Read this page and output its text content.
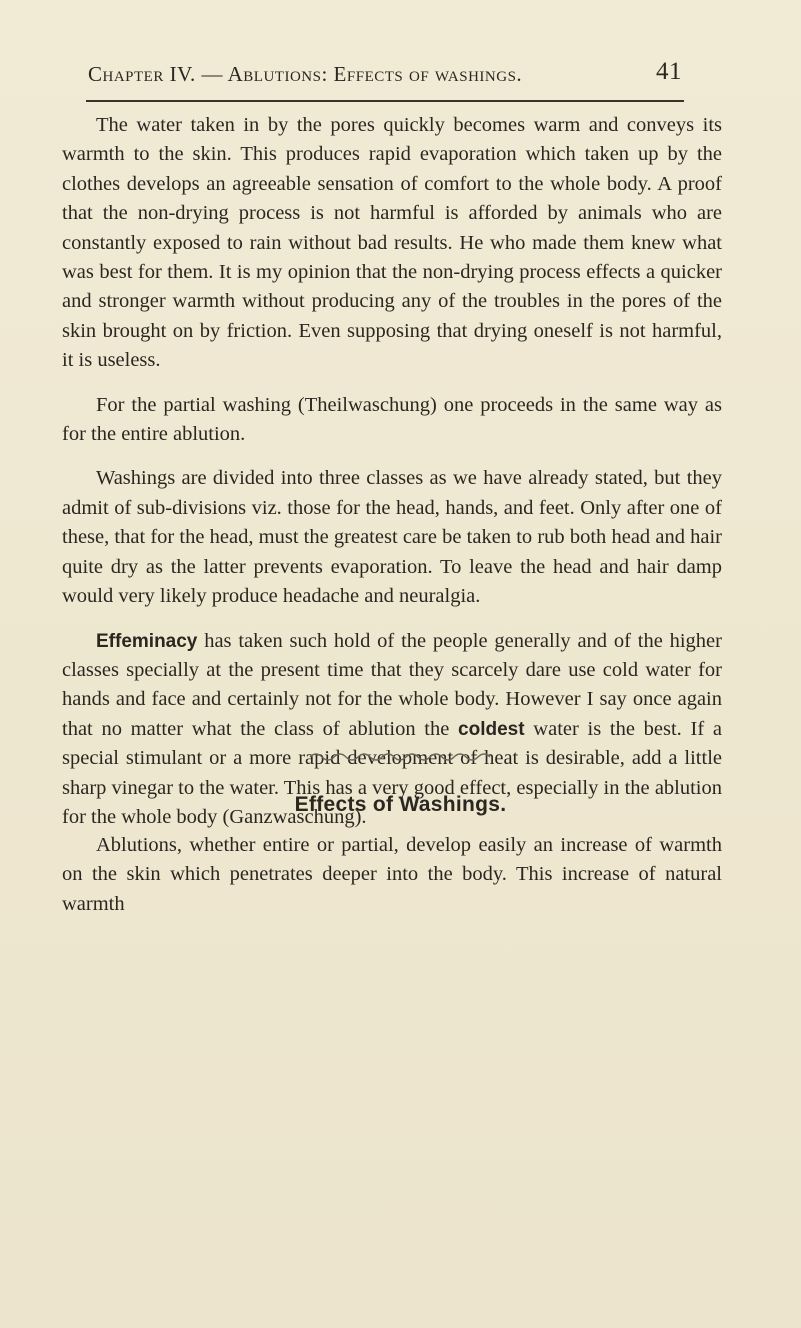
Chapter IV. — Ablutions: Effects of washings.	41

The water taken in by the pores quickly becomes warm and conveys its warmth to the skin. This produces rapid evaporation which taken up by the clothes develops an agreeable sensation of comfort to the whole body. A proof that the non-drying process is not harmful is afforded by animals who are constantly exposed to rain without bad results. He who made them knew what was best for them. It is my opinion that the non-drying process effects a quicker and stronger warmth without producing any of the troubles in the pores of the skin brought on by friction. Even supposing that drying oneself is not harmful, it is useless.

For the partial washing (Theilwaschung) one proceeds in the same way as for the entire ablution.

Washings are divided into three classes as we have already stated, but they admit of sub-divisions viz. those for the head, hands, and feet. Only after one of these, that for the head, must the greatest care be taken to rub both head and hair quite dry as the latter prevents evaporation. To leave the head and hair damp would very likely produce headache and neuralgia.

Effeminacy has taken such hold of the people generally and of the higher classes specially at the present time that they scarcely dare use cold water for hands and face and certainly not for the whole body. However I say once again that no matter what the class of ablution the coldest water is the best. If a special stimulant or a more rapid development of heat is desirable, add a little sharp vinegar to the water. This has a very good effect, especially in the ablution for the whole body (Ganzwaschung).

Effects of Washings.

Ablutions, whether entire or partial, develop easily an increase of warmth on the skin which penetrates deeper into the body. This increase of natural warmth
